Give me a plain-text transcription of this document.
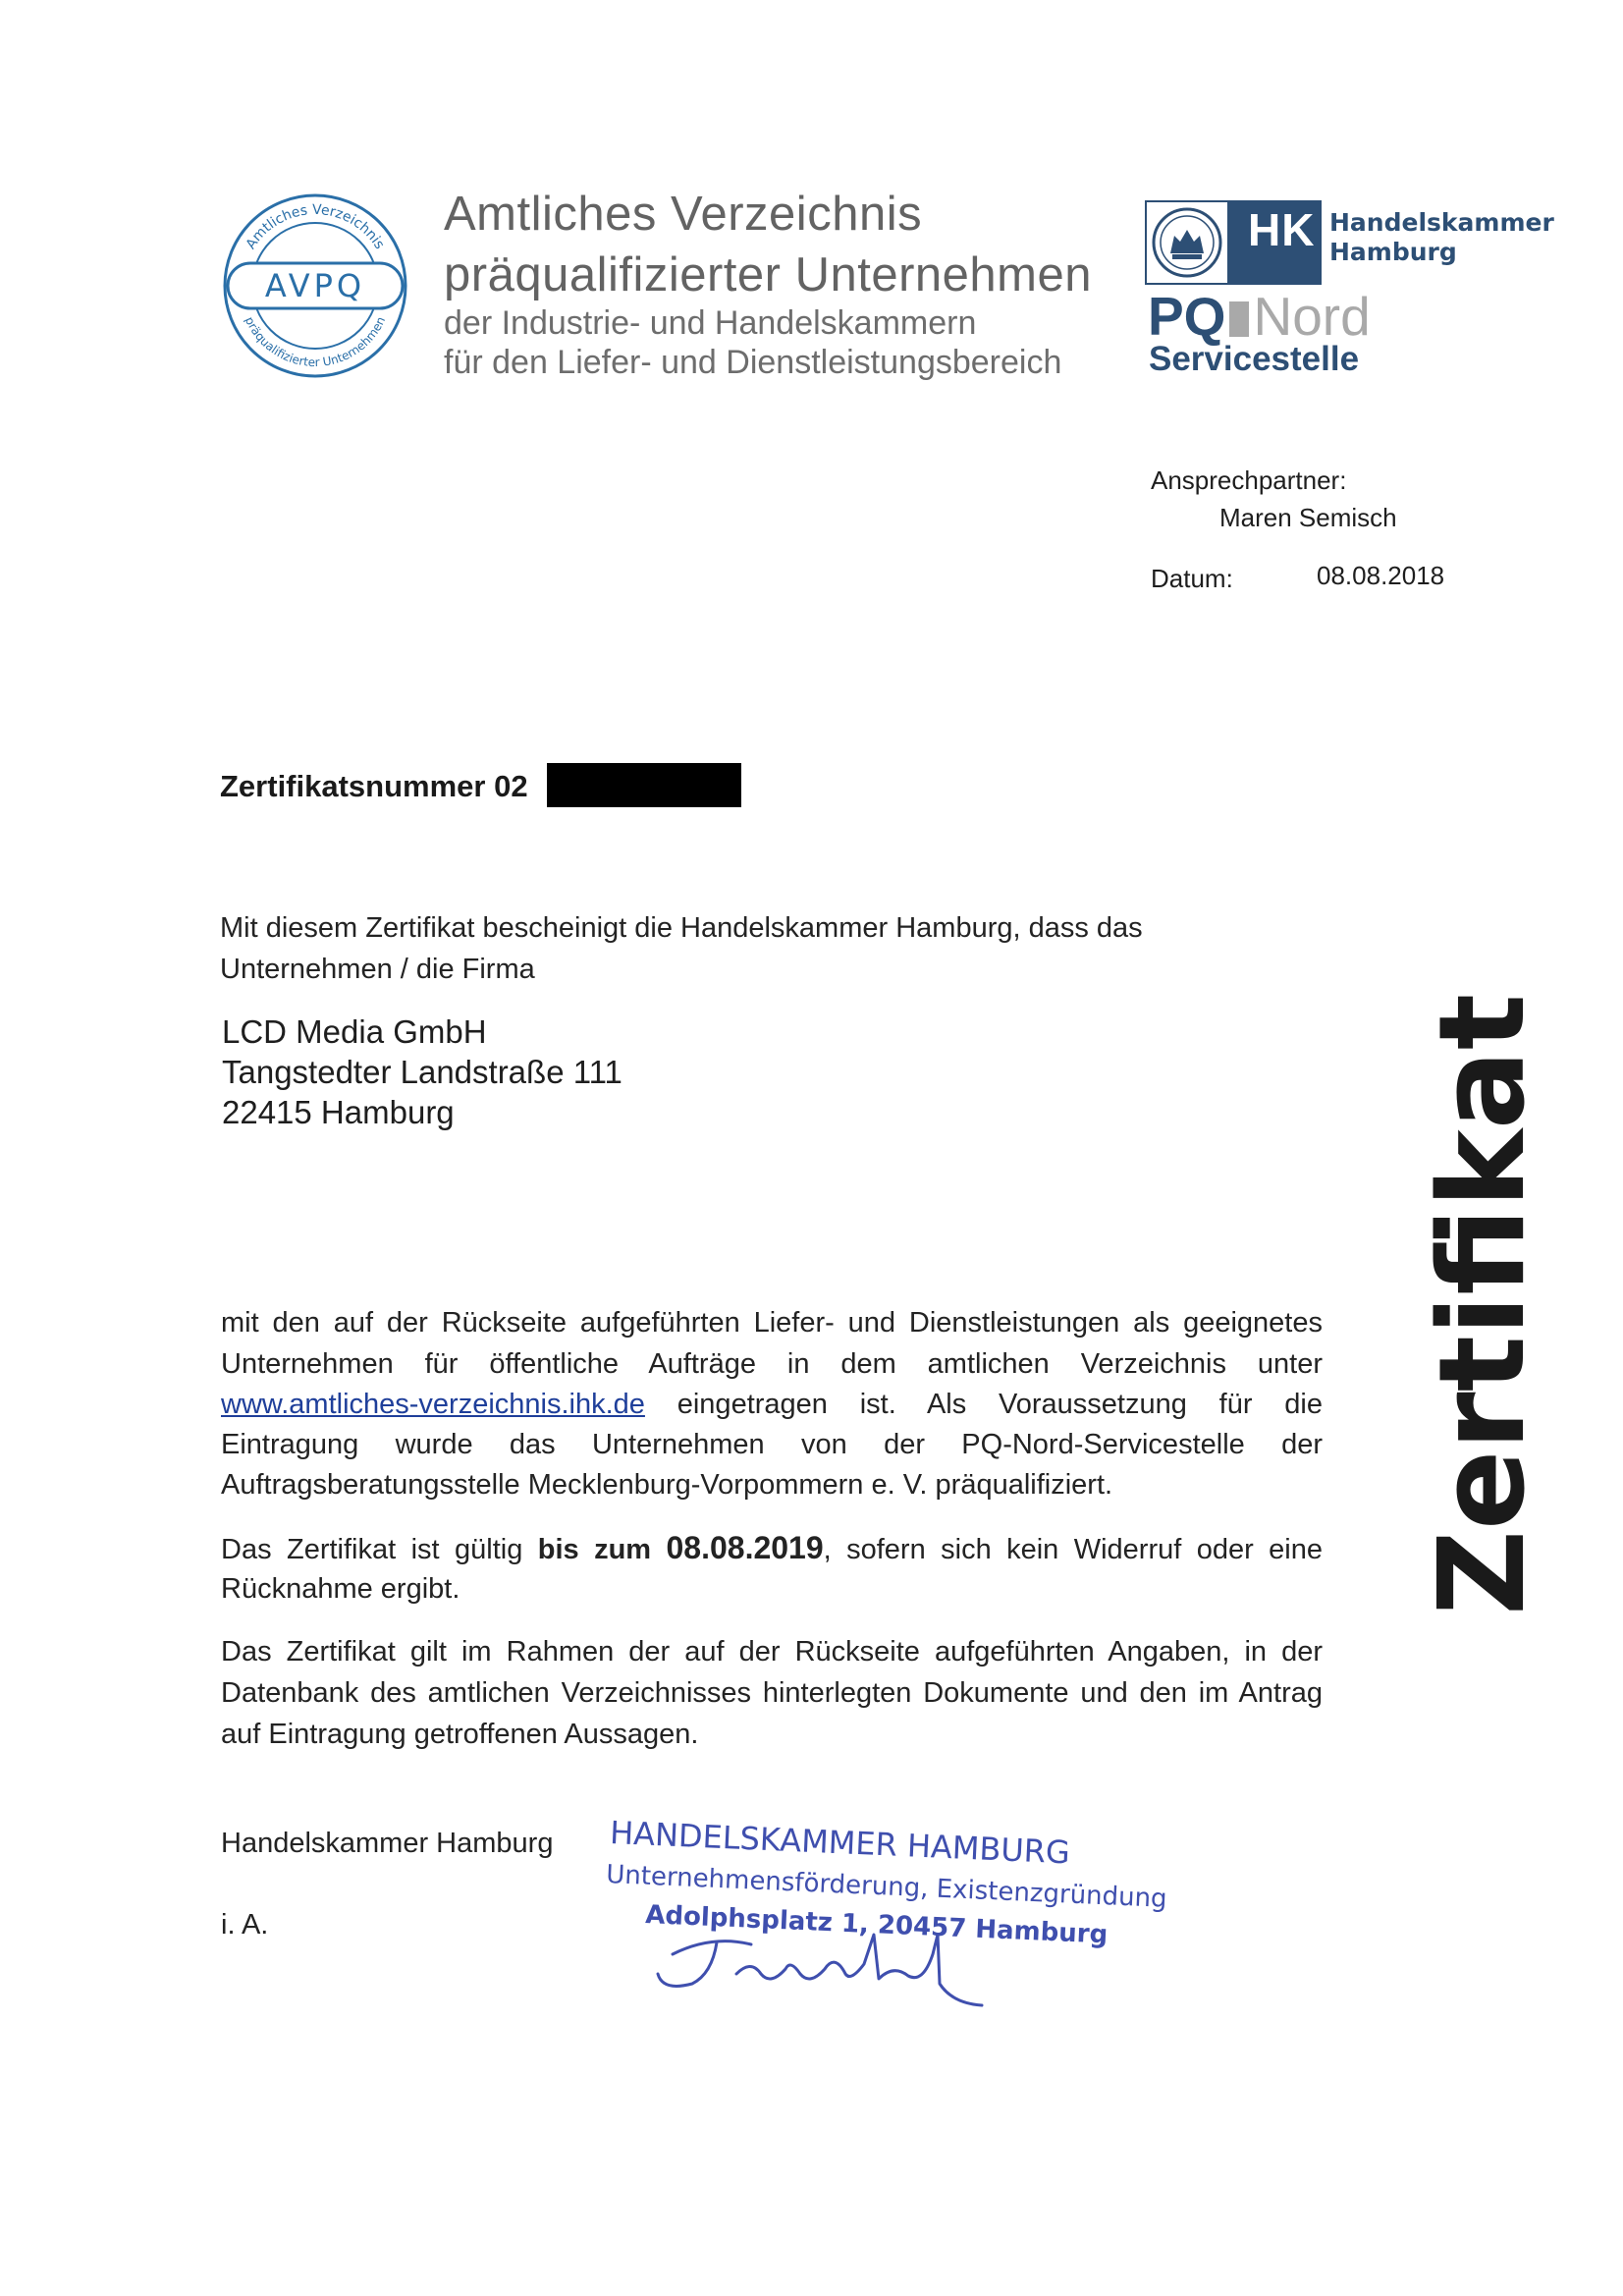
Amtliches Verzeichnis
präqualifizierter Unternehmen
AVPQ
Amtliches Verzeichnis
präqualifizierter Unternehmen
der Industrie- und Handelskammern
für den Liefer- und Dienstleistungsbereich
HK Handelskammer
Hamburg
PQ Nord
Servicestelle
Ansprechpartner:
Maren Semisch
Datum:	08.08.2018
Zertifikatsnummer 02
Mit diesem Zertifikat bescheinigt die Handelskammer Hamburg, dass das
Unternehmen / die Firma
LCD Media GmbH
Tangstedter Landstraße 111
22415 Hamburg
mit den auf der Rückseite aufgeführten Liefer- und Dienstleistungen als geeignetes
Unternehmen für öffentliche Aufträge in dem amtlichen Verzeichnis unter
www.amtliches-verzeichnis.ihk.de eingetragen ist. Als Voraussetzung für die
Eintragung wurde das Unternehmen von der PQ-Nord-Servicestelle der
Auftragsberatungsstelle Mecklenburg-Vorpommern e. V. präqualifiziert.
Das Zertifikat ist gültig bis zum 08.08.2019, sofern sich kein Widerruf oder eine
Rücknahme ergibt.
Das Zertifikat gilt im Rahmen der auf der Rückseite aufgeführten Angaben, in der
Datenbank des amtlichen Verzeichnisses hinterlegten Dokumente und den im Antrag
auf Eintragung getroffenen Aussagen.
Zertifikat
Handelskammer Hamburg
i. A.
HANDELSKAMMER HAMBURG
Unternehmensförderung, Existenzgründung
Adolphsplatz 1, 20457 Hamburg
